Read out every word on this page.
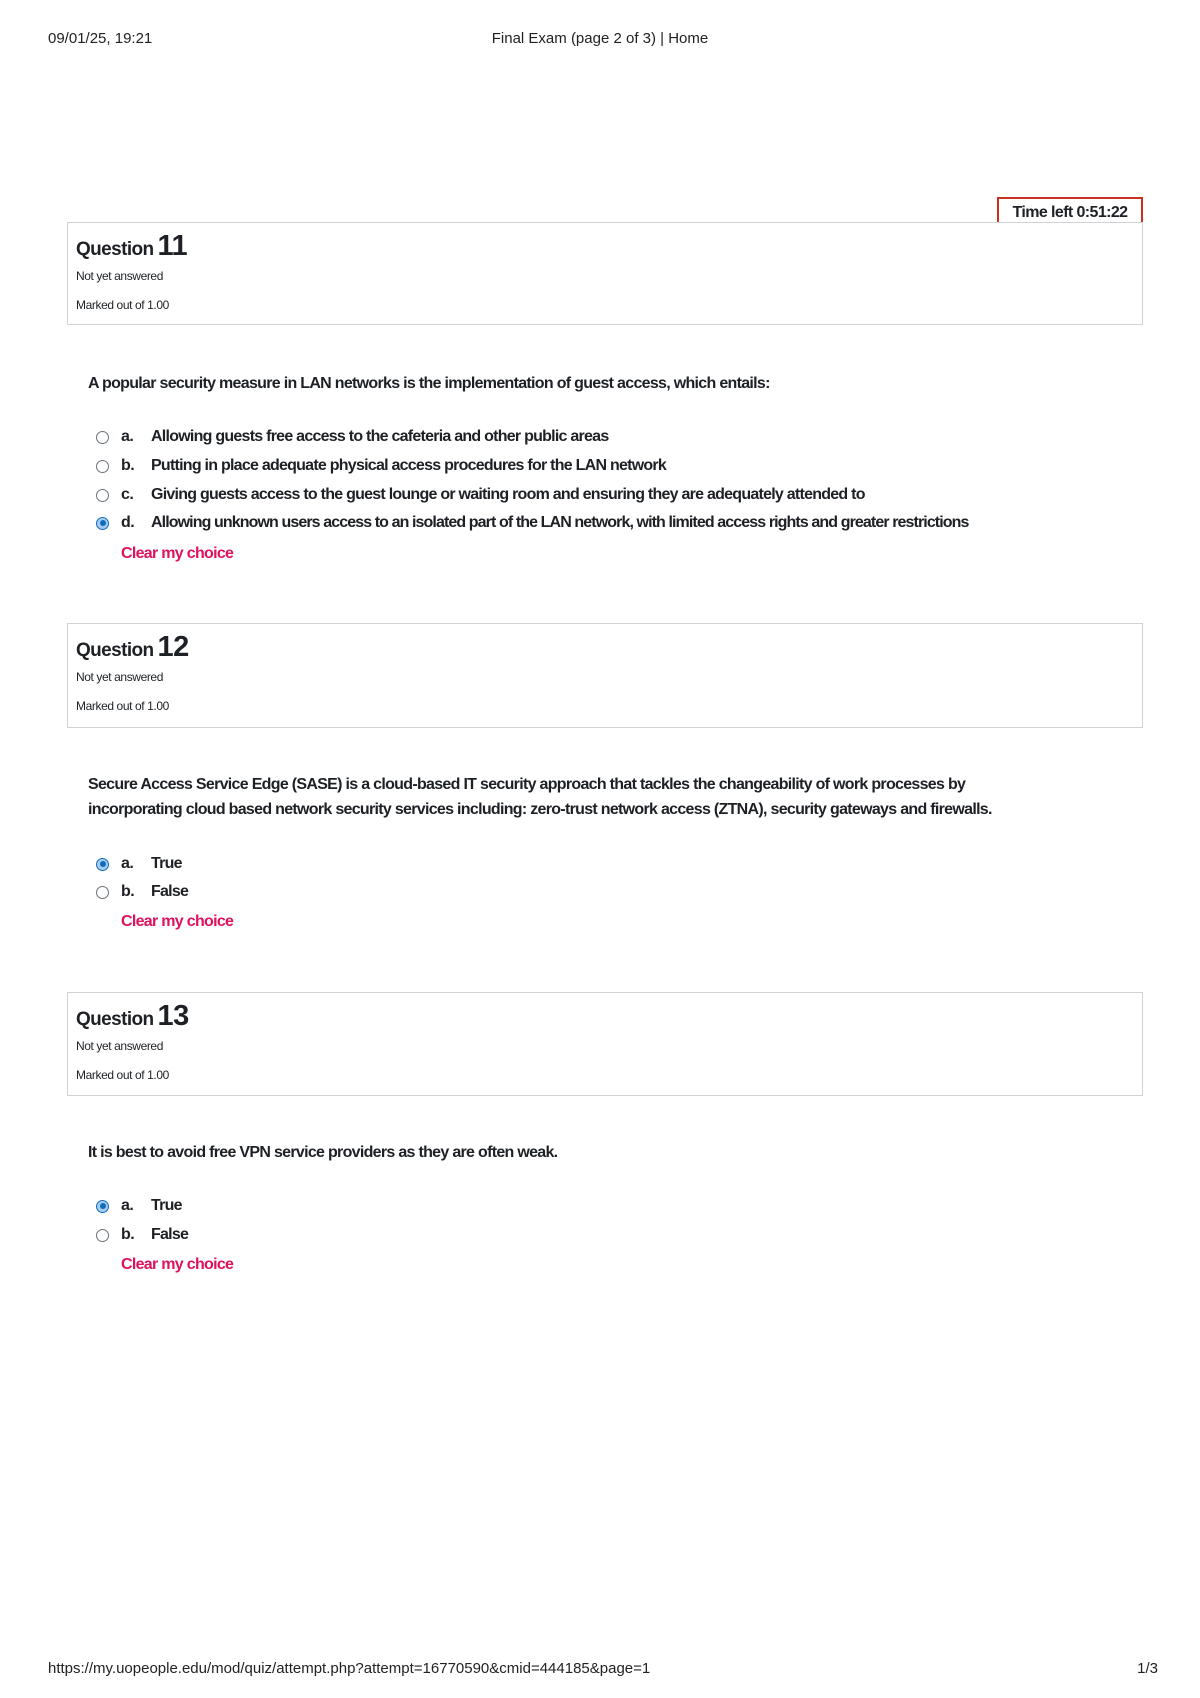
09/01/25, 19:21	Final Exam (page 2 of 3) | Home
Time left 0:51:22
Question 11
Not yet answered
Marked out of 1.00
A popular security measure in LAN networks is the implementation of guest access, which entails:
a.	Allowing guests free access to the cafeteria and other public areas
b.	Putting in place adequate physical access procedures for the LAN network
c.	Giving guests access to the guest lounge or waiting room and ensuring they are adequately attended to
d.	Allowing unknown users access to an isolated part of the LAN network, with limited access rights and greater restrictions
Clear my choice
Question 12
Not yet answered
Marked out of 1.00
Secure Access Service Edge (SASE) is a cloud-based IT security approach that tackles the changeability of work processes by
incorporating cloud based network security services including: zero-trust network access (ZTNA), security gateways and firewalls.
a.	True
b.	False
Clear my choice
Question 13
Not yet answered
Marked out of 1.00
It is best to avoid free VPN service providers as they are often weak.
a.	True
b.	False
Clear my choice
https://my.uopeople.edu/mod/quiz/attempt.php?attempt=16770590&cmid=444185&page=1	1/3
